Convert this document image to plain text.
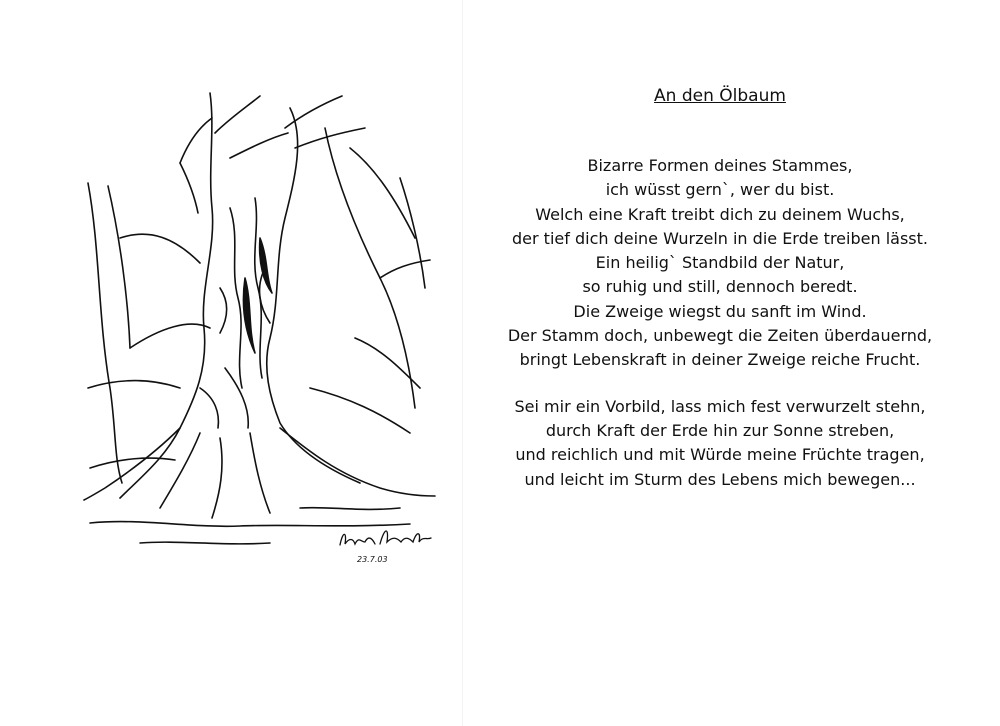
23.7.03
An den Ölbaum
Bizarre Formen deines Stammes,
ich wüsst gern`, wer du bist.
Welch eine Kraft treibt dich zu deinem Wuchs,
der tief dich deine Wurzeln in die Erde treiben lässt.
Ein heilig` Standbild der Natur,
so ruhig und still, dennoch beredt.
Die Zweige wiegst du sanft im Wind.
Der Stamm doch, unbewegt die Zeiten überdauernd,
bringt Lebenskraft in deiner Zweige reiche Frucht.
Sei mir ein Vorbild, lass mich fest verwurzelt stehn,
durch Kraft der Erde hin zur Sonne streben,
und reichlich und mit Würde meine Früchte tragen,
und leicht im Sturm des Lebens mich bewegen...
